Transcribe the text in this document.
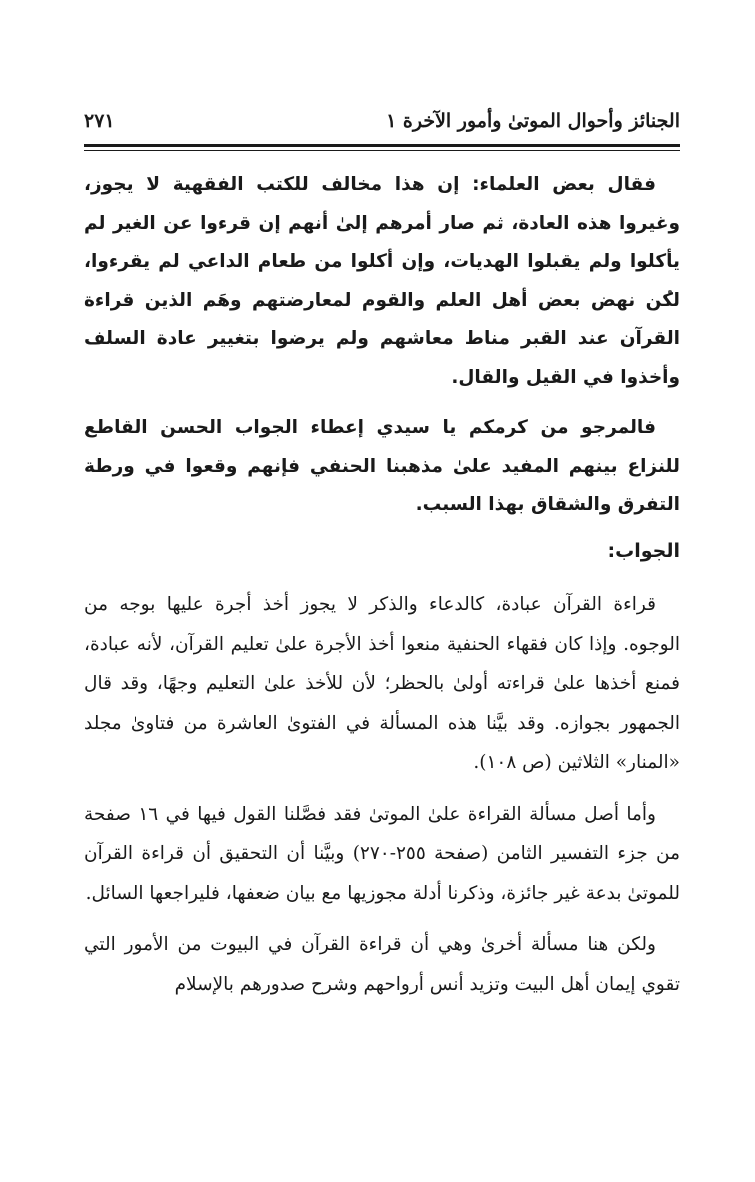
الجنائز وأحوال الموتىٰ وأمور الآخرة ١
٢٧١

فقال بعض العلماء: إن هذا مخالف للكتب الفقهية لا يجوز، وغيروا هذه العادة، ثم صار أمرهم إلىٰ أنهم إن قرءوا عن الغير لم يأكلوا ولم يقبلوا الهديات، وإن أكلوا من طعام الداعي لم يقرءوا، لكن نهض بعض أهل العلم والقوم لمعارضتهم وهَم الذين قراءة القرآن عند القبر مناط معاشهم ولم يرضوا بتغيير عادة السلف وأخذوا في القيل والقال.

فالمرجو من كرمكم يا سيدي إعطاء الجواب الحسن القاطع للنزاع بينهم المفيد علىٰ مذهبنا الحنفي فإنهم وقعوا في ورطة التفرق والشقاق بهذا السبب.

الجواب:

قراءة القرآن عبادة، كالدعاء والذكر لا يجوز أخذ أجرة عليها بوجه من الوجوه. وإذا كان فقهاء الحنفية منعوا أخذ الأجرة علىٰ تعليم القرآن، لأنه عبادة، فمنع أخذها علىٰ قراءته أولىٰ بالحظر؛ لأن للأخذ علىٰ التعليم وجهًا، وقد قال الجمهور بجوازه. وقد بيَّنا هذه المسألة في الفتوىٰ العاشرة من فتاوىٰ مجلد «المنار» الثلاثين (ص ١٠٨).

وأما أصل مسألة القراءة علىٰ الموتىٰ فقد فصَّلنا القول فيها في ١٦ صفحة من جزء التفسير الثامن (صفحة ٢٥٥-٢٧٠) وبيَّنا أن التحقيق أن قراءة القرآن للموتىٰ بدعة غير جائزة، وذكرنا أدلة مجوزيها مع بيان ضعفها، فليراجعها السائل.

ولكن هنا مسألة أخرىٰ وهي أن قراءة القرآن في البيوت من الأمور التي تقوي إيمان أهل البيت وتزيد أنس أرواحهم وشرح صدورهم بالإسلام
